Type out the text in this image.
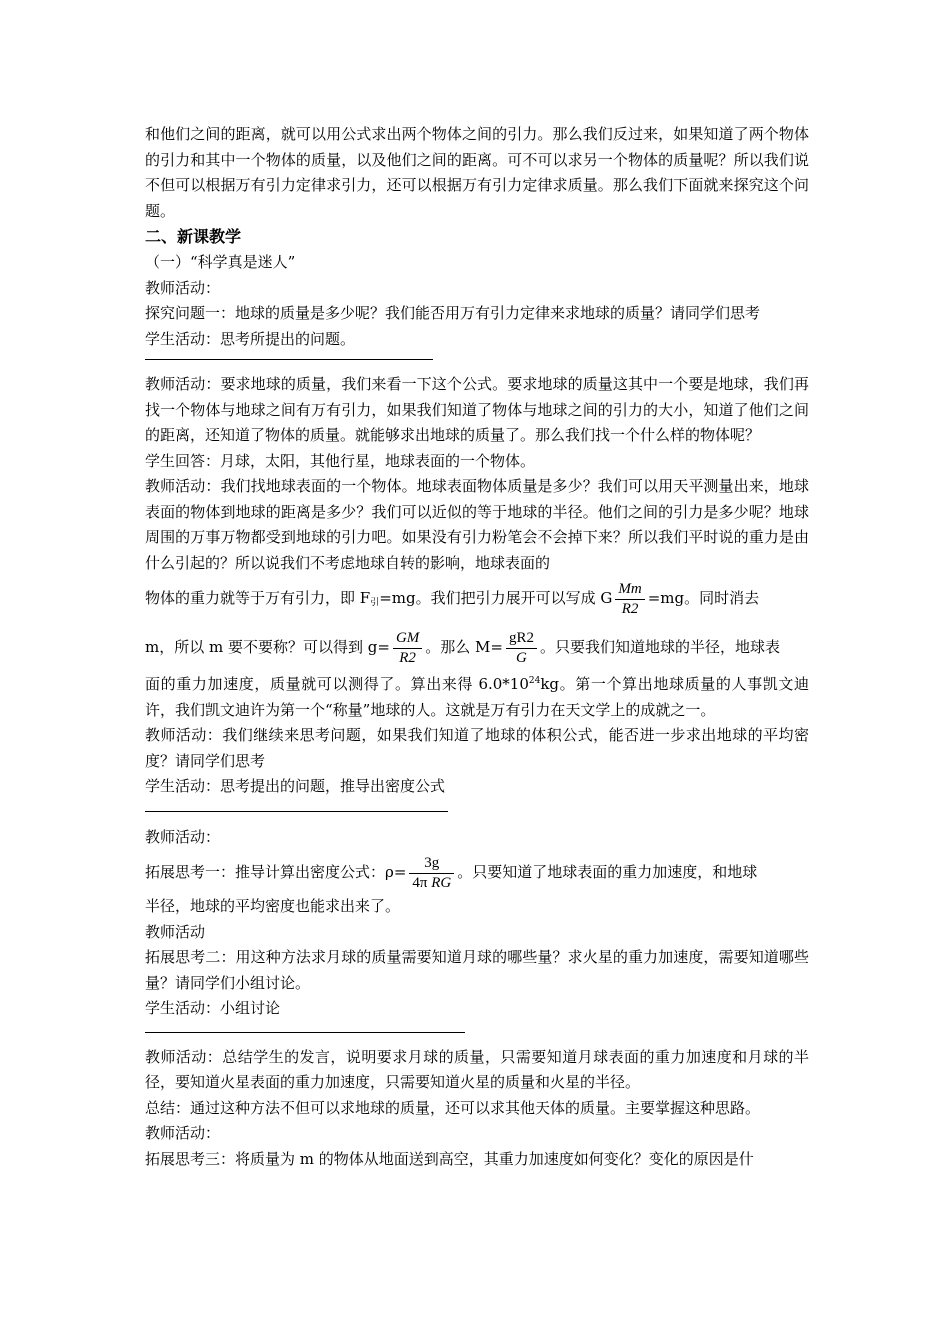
和他们之间的距离，就可以用公式求出两个物体之间的引力。那么我们反过来，如果知道了两个物体的引力和其中一个物体的质量，以及他们之间的距离。可不可以求另一个物体的质量呢？所以我们说不但可以根据万有引力定律求引力，还可以根据万有引力定律求质量。那么我们下面就来探究这个问题。

二、新课教学

（一）“科学真是迷人”

教师活动：

探究问题一：地球的质量是多少呢？我们能否用万有引力定律来求地球的质量？请同学们思考

学生活动：思考所提出的问题。

教师活动：要求地球的质量，我们来看一下这个公式。要求地球的质量这其中一个要是地球，我们再找一个物体与地球之间有万有引力，如果我们知道了物体与地球之间的引力的大小，知道了他们之间的距离，还知道了物体的质量。就能够求出地球的质量了。那么我们找一个什么样的物体呢？

学生回答：月球，太阳，其他行星，地球表面的一个物体。

教师活动：我们找地球表面的一个物体。地球表面物体质量是多少？我们可以用天平测量出来，地球表面的物体到地球的距离是多少？我们可以近似的等于地球的半径。他们之间的引力是多少呢？地球周围的万事万物都受到地球的引力吧。如果没有引力粉笔会不会掉下来？所以我们平时说的重力是由什么引起的？所以说我们不考虑地球自转的影响，地球表面的

物体的重力就等于万有引力，即 $F_引=mg$。我们把引力展开可以写成 G $\frac{Mm}{R2} =mg$。同时消去

m，所以 m 要不要称？可以得到 $g= \frac{GM}{R2}$ 。那么 $M= \frac{gR2}{G}$ 。只要我们知道地球的半径，地球表

面的重力加速度，质量就可以测得了。算出来得 $6.0*10^{24}kg$。第一个算出地球质量的人事凯文迪许，我们凯文迪许为第一个“称量”地球的人。这就是万有引力在天文学上的成就之一。

教师活动：我们继续来思考问题，如果我们知道了地球的体积公式，能否进一步求出地球的平均密度？请同学们思考

学生活动：思考提出的问题，推导出密度公式

教师活动：

拓展思考一：推导计算出密度公式：$\rho= \frac{3g}{\text{4π RG}}$ 。只要知道了地球表面的重力加速度，和地球

半径，地球的平均密度也能求出来了。

教师活动

拓展思考二：用这种方法求月球的质量需要知道月球的哪些量？求火星的重力加速度，需要知道哪些量？请同学们小组讨论。

学生活动：小组讨论

教师活动：总结学生的发言，说明要求月球的质量，只需要知道月球表面的重力加速度和月球的半径，要知道火星表面的重力加速度，只需要知道火星的质量和火星的半径。

总结：通过这种方法不但可以求地球的质量，还可以求其他天体的质量。主要掌握这种思路。

教师活动：

拓展思考三：将质量为 m 的物体从地面送到高空，其重力加速度如何变化？变化的原因是什
